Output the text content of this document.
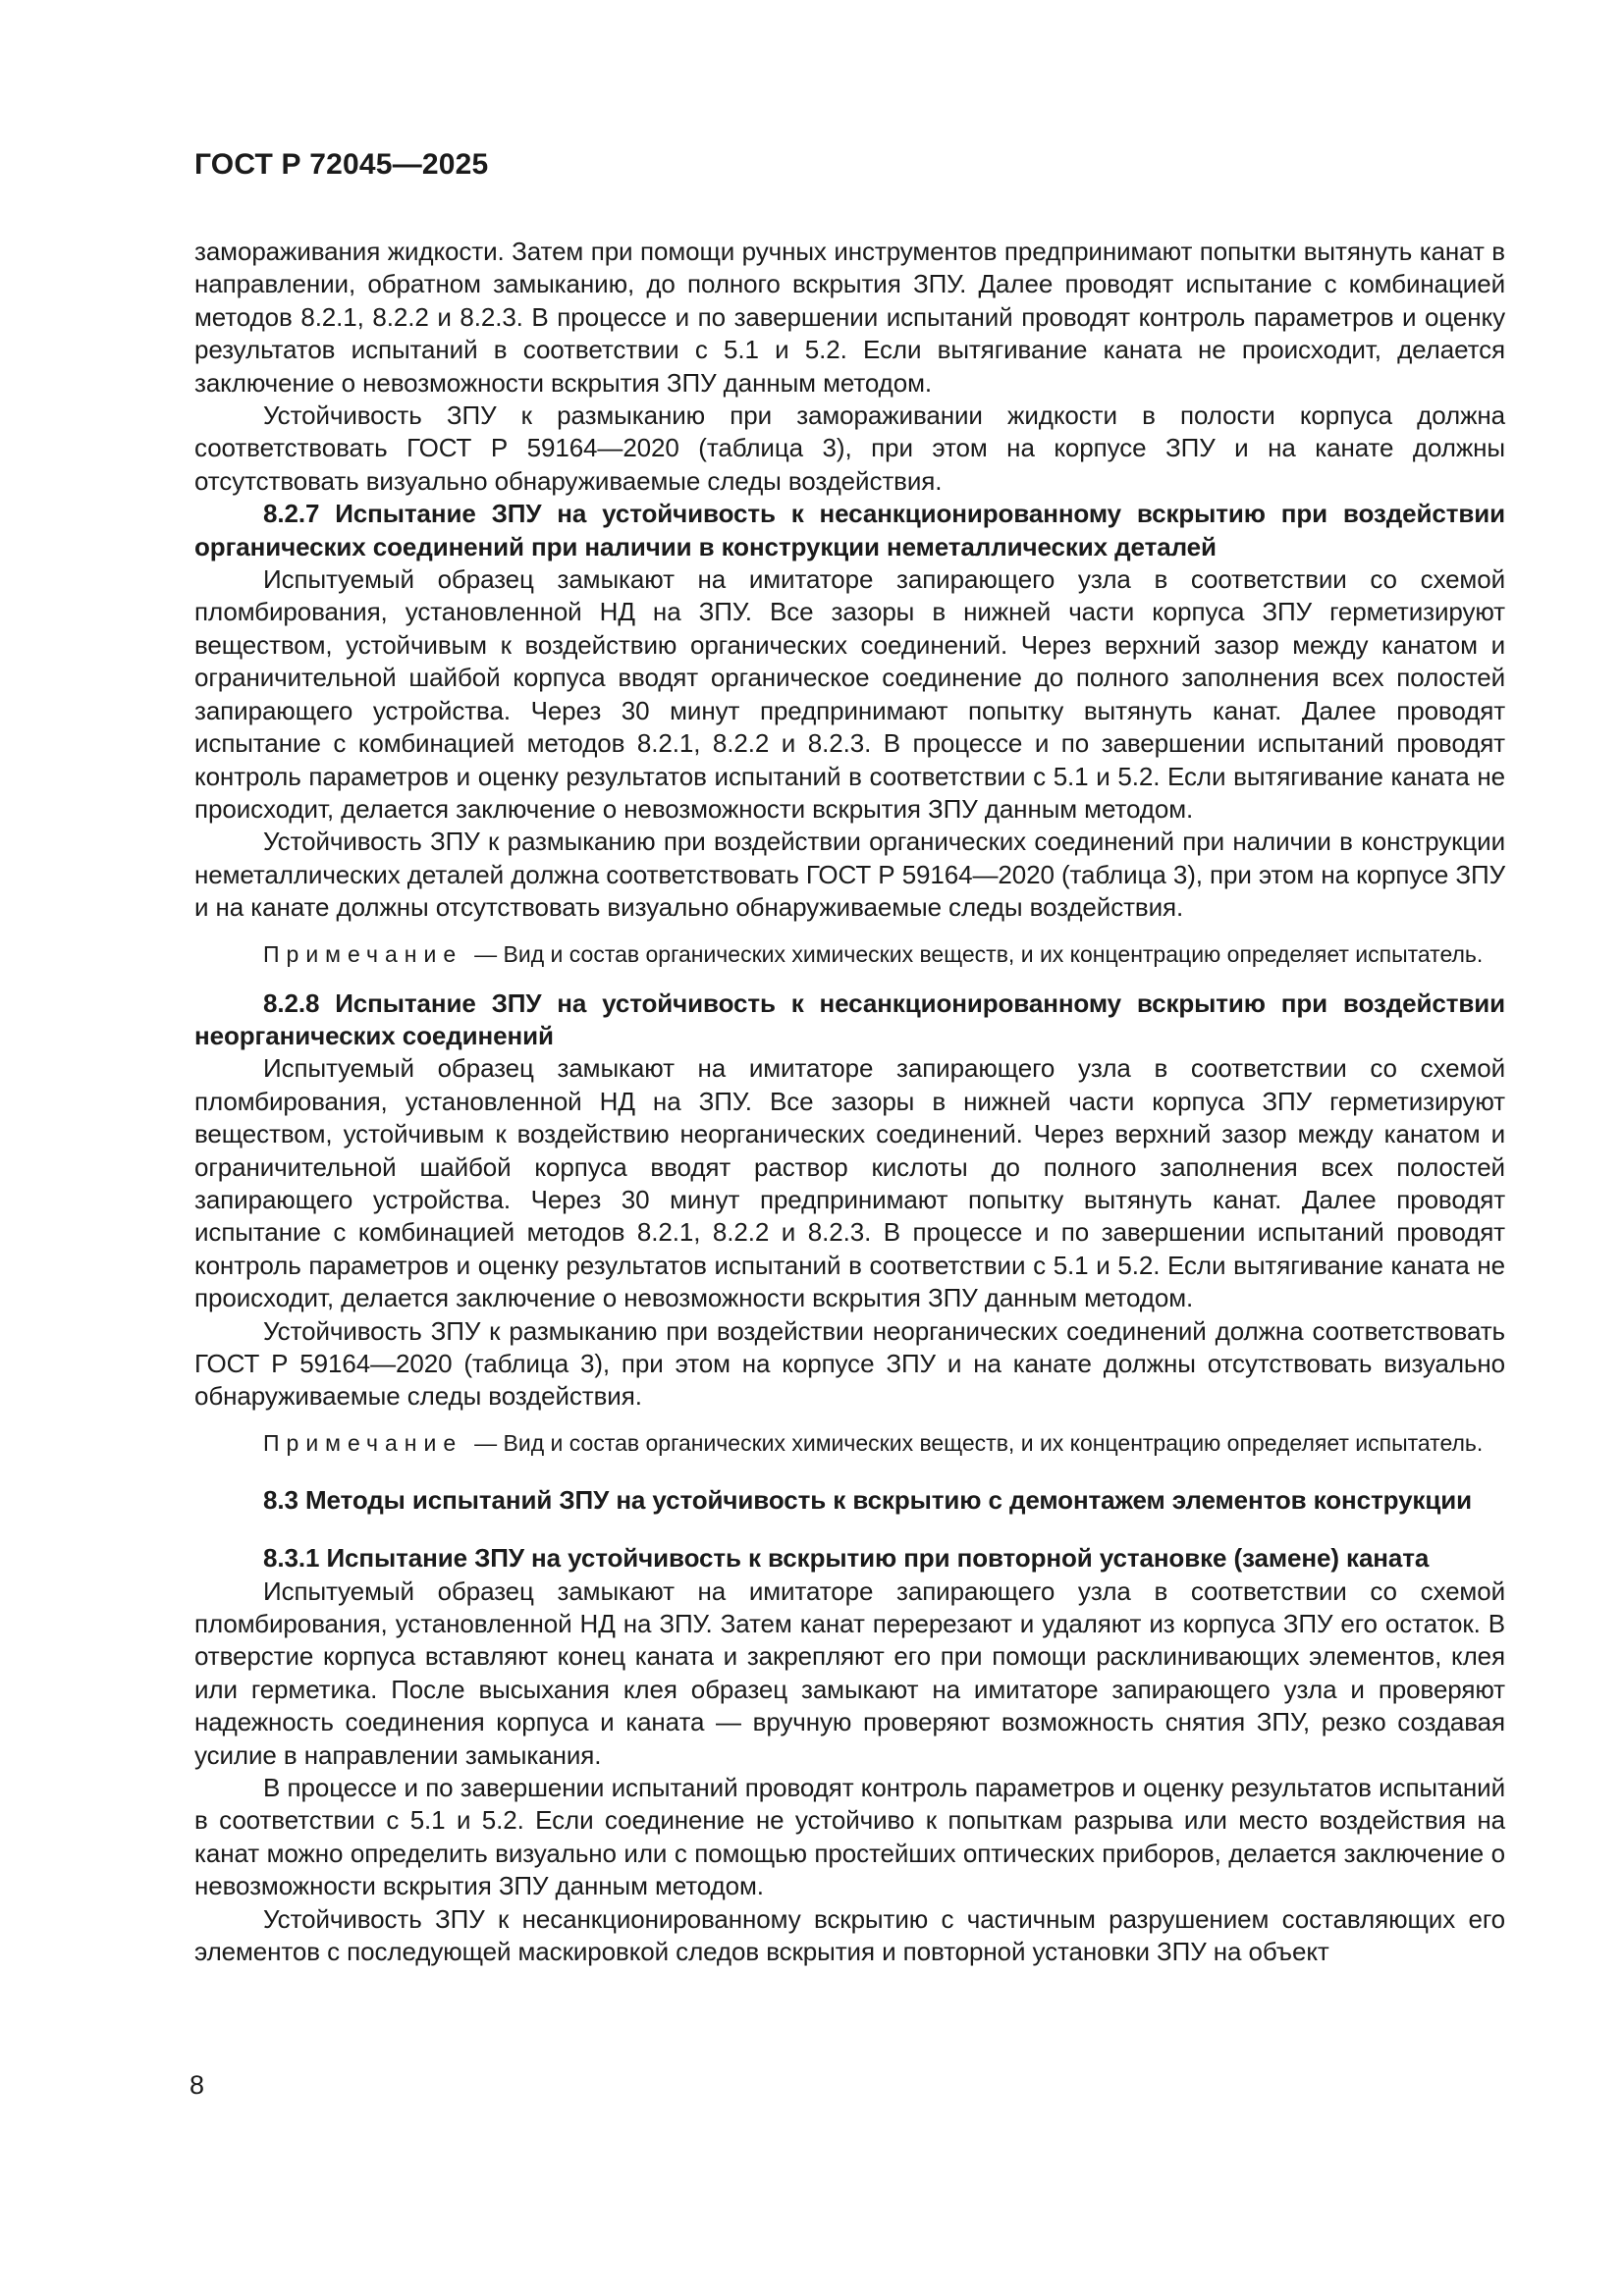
ГОСТ Р 72045—2025

замораживания жидкости. Затем при помощи ручных инструментов предпринимают попытки вытянуть канат в направлении, обратном замыканию, до полного вскрытия ЗПУ. Далее проводят испытание с комбинацией методов 8.2.1, 8.2.2 и 8.2.3. В процессе и по завершении испытаний проводят контроль параметров и оценку результатов испытаний в соответствии с 5.1 и 5.2. Если вытягивание каната не происходит, делается заключение о невозможности вскрытия ЗПУ данным методом.

Устойчивость ЗПУ к размыканию при замораживании жидкости в полости корпуса должна соответствовать ГОСТ Р 59164—2020 (таблица 3), при этом на корпусе ЗПУ и на канате должны отсутствовать визуально обнаруживаемые следы воздействия.

8.2.7 Испытание ЗПУ на устойчивость к несанкционированному вскрытию при воздействии органических соединений при наличии в конструкции неметаллических деталей

Испытуемый образец замыкают на имитаторе запирающего узла в соответствии со схемой пломбирования, установленной НД на ЗПУ. Все зазоры в нижней части корпуса ЗПУ герметизируют веществом, устойчивым к воздействию органических соединений. Через верхний зазор между канатом и ограничительной шайбой корпуса вводят органическое соединение до полного заполнения всех полостей запирающего устройства. Через 30 минут предпринимают попытку вытянуть канат. Далее проводят испытание с комбинацией методов 8.2.1, 8.2.2 и 8.2.3. В процессе и по завершении испытаний проводят контроль параметров и оценку результатов испытаний в соответствии с 5.1 и 5.2. Если вытягивание каната не происходит, делается заключение о невозможности вскрытия ЗПУ данным методом.

Устойчивость ЗПУ к размыканию при воздействии органических соединений при наличии в конструкции неметаллических деталей должна соответствовать ГОСТ Р 59164—2020 (таблица 3), при этом на корпусе ЗПУ и на канате должны отсутствовать визуально обнаруживаемые следы воздействия.

Примечание — Вид и состав органических химических веществ, и их концентрацию определяет испытатель.

8.2.8 Испытание ЗПУ на устойчивость к несанкционированному вскрытию при воздействии неорганических соединений

Испытуемый образец замыкают на имитаторе запирающего узла в соответствии со схемой пломбирования, установленной НД на ЗПУ. Все зазоры в нижней части корпуса ЗПУ герметизируют веществом, устойчивым к воздействию неорганических соединений. Через верхний зазор между канатом и ограничительной шайбой корпуса вводят раствор кислоты до полного заполнения всех полостей запирающего устройства. Через 30 минут предпринимают попытку вытянуть канат. Далее проводят испытание с комбинацией методов 8.2.1, 8.2.2 и 8.2.3. В процессе и по завершении испытаний проводят контроль параметров и оценку результатов испытаний в соответствии с 5.1 и 5.2. Если вытягивание каната не происходит, делается заключение о невозможности вскрытия ЗПУ данным методом.

Устойчивость ЗПУ к размыканию при воздействии неорганических соединений должна соответствовать ГОСТ Р 59164—2020 (таблица 3), при этом на корпусе ЗПУ и на канате должны отсутствовать визуально обнаруживаемые следы воздействия.

Примечание — Вид и состав органических химических веществ, и их концентрацию определяет испытатель.

8.3 Методы испытаний ЗПУ на устойчивость к вскрытию с демонтажем элементов конструкции

8.3.1 Испытание ЗПУ на устойчивость к вскрытию при повторной установке (замене) каната

Испытуемый образец замыкают на имитаторе запирающего узла в соответствии со схемой пломбирования, установленной НД на ЗПУ. Затем канат перерезают и удаляют из корпуса ЗПУ его остаток. В отверстие корпуса вставляют конец каната и закрепляют его при помощи расклинивающих элементов, клея или герметика. После высыхания клея образец замыкают на имитаторе запирающего узла и проверяют надежность соединения корпуса и каната — вручную проверяют возможность снятия ЗПУ, резко создавая усилие в направлении замыкания.

В процессе и по завершении испытаний проводят контроль параметров и оценку результатов испытаний в соответствии с 5.1 и 5.2. Если соединение не устойчиво к попыткам разрыва или место воздействия на канат можно определить визуально или с помощью простейших оптических приборов, делается заключение о невозможности вскрытия ЗПУ данным методом.

Устойчивость ЗПУ к несанкционированному вскрытию с частичным разрушением составляющих его элементов с последующей маскировкой следов вскрытия и повторной установки ЗПУ на объект

8
